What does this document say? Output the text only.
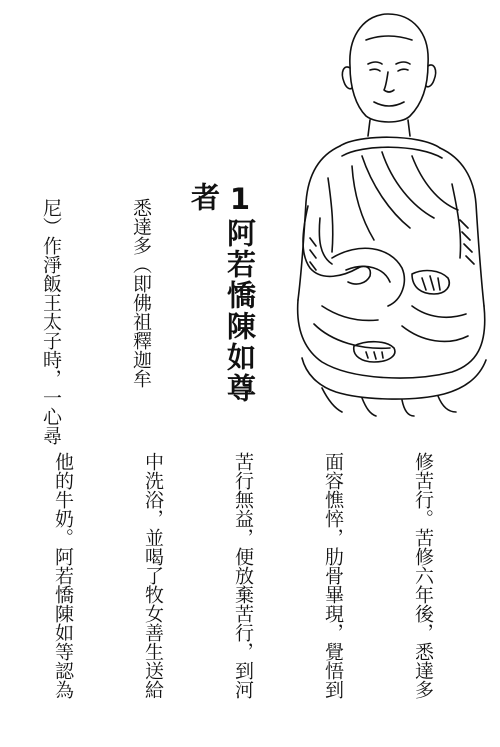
1阿若憍陳如尊者

悉達多（即佛祖釋迦牟

尼）作淨飯王太子時，一心尋

修苦行。苦修六年後，悉達多

面容憔悴，肋骨畢現，覺悟到

苦行無益，便放棄苦行，到河

中洗浴，並喝了牧女善生送給

他的牛奶。阿若憍陳如等認為
